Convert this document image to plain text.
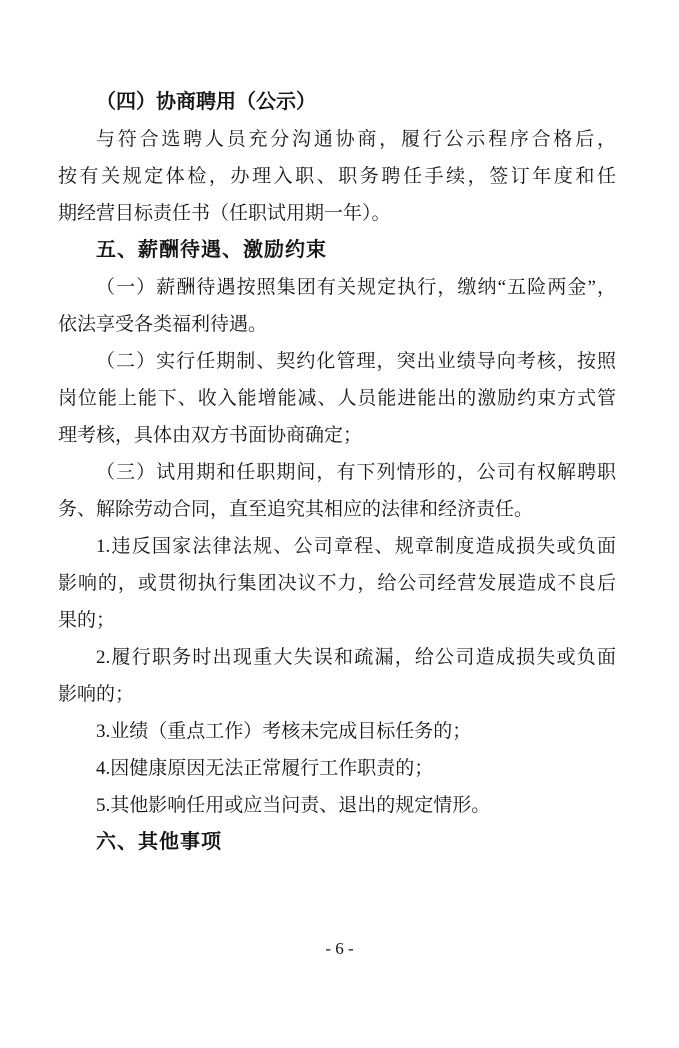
（四）协商聘用（公示）
与符合选聘人员充分沟通协商，履行公示程序合格后，
按有关规定体检，办理入职、职务聘任手续，签订年度和任
期经营目标责任书（任职试用期一年）。
五、薪酬待遇、激励约束
（一）薪酬待遇按照集团有关规定执行，缴纳“五险两金”，
依法享受各类福利待遇。
（二）实行任期制、契约化管理，突出业绩导向考核，按照
岗位能上能下、收入能增能减、人员能进能出的激励约束方式管
理考核，具体由双方书面协商确定；
（三）试用期和任职期间，有下列情形的，公司有权解聘职
务、解除劳动合同，直至追究其相应的法律和经济责任。
1.违反国家法律法规、公司章程、规章制度造成损失或负面
影响的，或贯彻执行集团决议不力，给公司经营发展造成不良后
果的；
2.履行职务时出现重大失误和疏漏，给公司造成损失或负面
影响的；
3.业绩（重点工作）考核未完成目标任务的；
4.因健康原因无法正常履行工作职责的；
5.其他影响任用或应当问责、退出的规定情形。
六、其他事项
- 6 -
